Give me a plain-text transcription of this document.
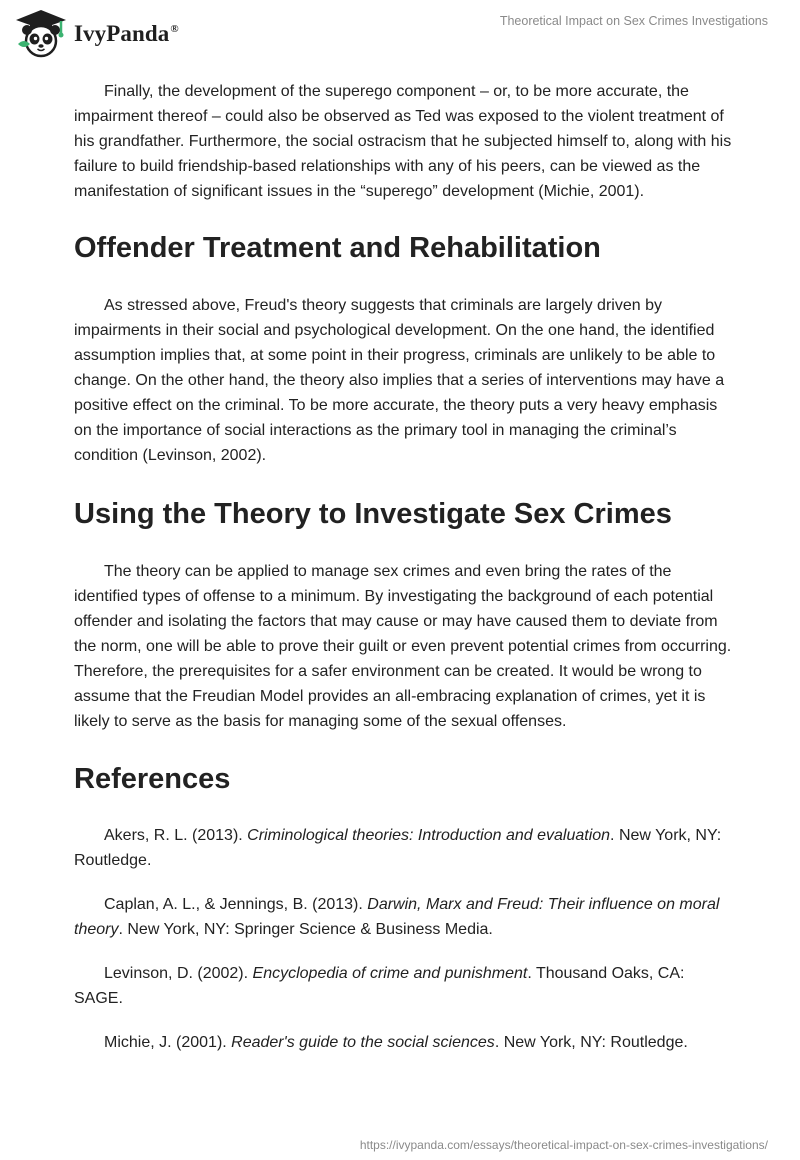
IvyPanda®
Theoretical Impact on Sex Crimes Investigations

Finally, the development of the superego component – or, to be more accurate, the impairment thereof – could also be observed as Ted was exposed to the violent treatment of his grandfather. Furthermore, the social ostracism that he subjected himself to, along with his failure to build friendship-based relationships with any of his peers, can be viewed as the manifestation of significant issues in the “superego” development (Michie, 2001).

Offender Treatment and Rehabilitation

As stressed above, Freud's theory suggests that criminals are largely driven by impairments in their social and psychological development. On the one hand, the identified assumption implies that, at some point in their progress, criminals are unlikely to be able to change. On the other hand, the theory also implies that a series of interventions may have a positive effect on the criminal. To be more accurate, the theory puts a very heavy emphasis on the importance of social interactions as the primary tool in managing the criminal’s condition (Levinson, 2002).

Using the Theory to Investigate Sex Crimes

The theory can be applied to manage sex crimes and even bring the rates of the identified types of offense to a minimum. By investigating the background of each potential offender and isolating the factors that may cause or may have caused them to deviate from the norm, one will be able to prove their guilt or even prevent potential crimes from occurring. Therefore, the prerequisites for a safer environment can be created. It would be wrong to assume that the Freudian Model provides an all-embracing explanation of crimes, yet it is likely to serve as the basis for managing some of the sexual offenses.

References

Akers, R. L. (2013). Criminological theories: Introduction and evaluation. New York, NY: Routledge.

Caplan, A. L., & Jennings, B. (2013). Darwin, Marx and Freud: Their influence on moral theory. New York, NY: Springer Science & Business Media.

Levinson, D. (2002). Encyclopedia of crime and punishment. Thousand Oaks, CA: SAGE.

Michie, J. (2001). Reader's guide to the social sciences. New York, NY: Routledge.

https://ivypanda.com/essays/theoretical-impact-on-sex-crimes-investigations/
